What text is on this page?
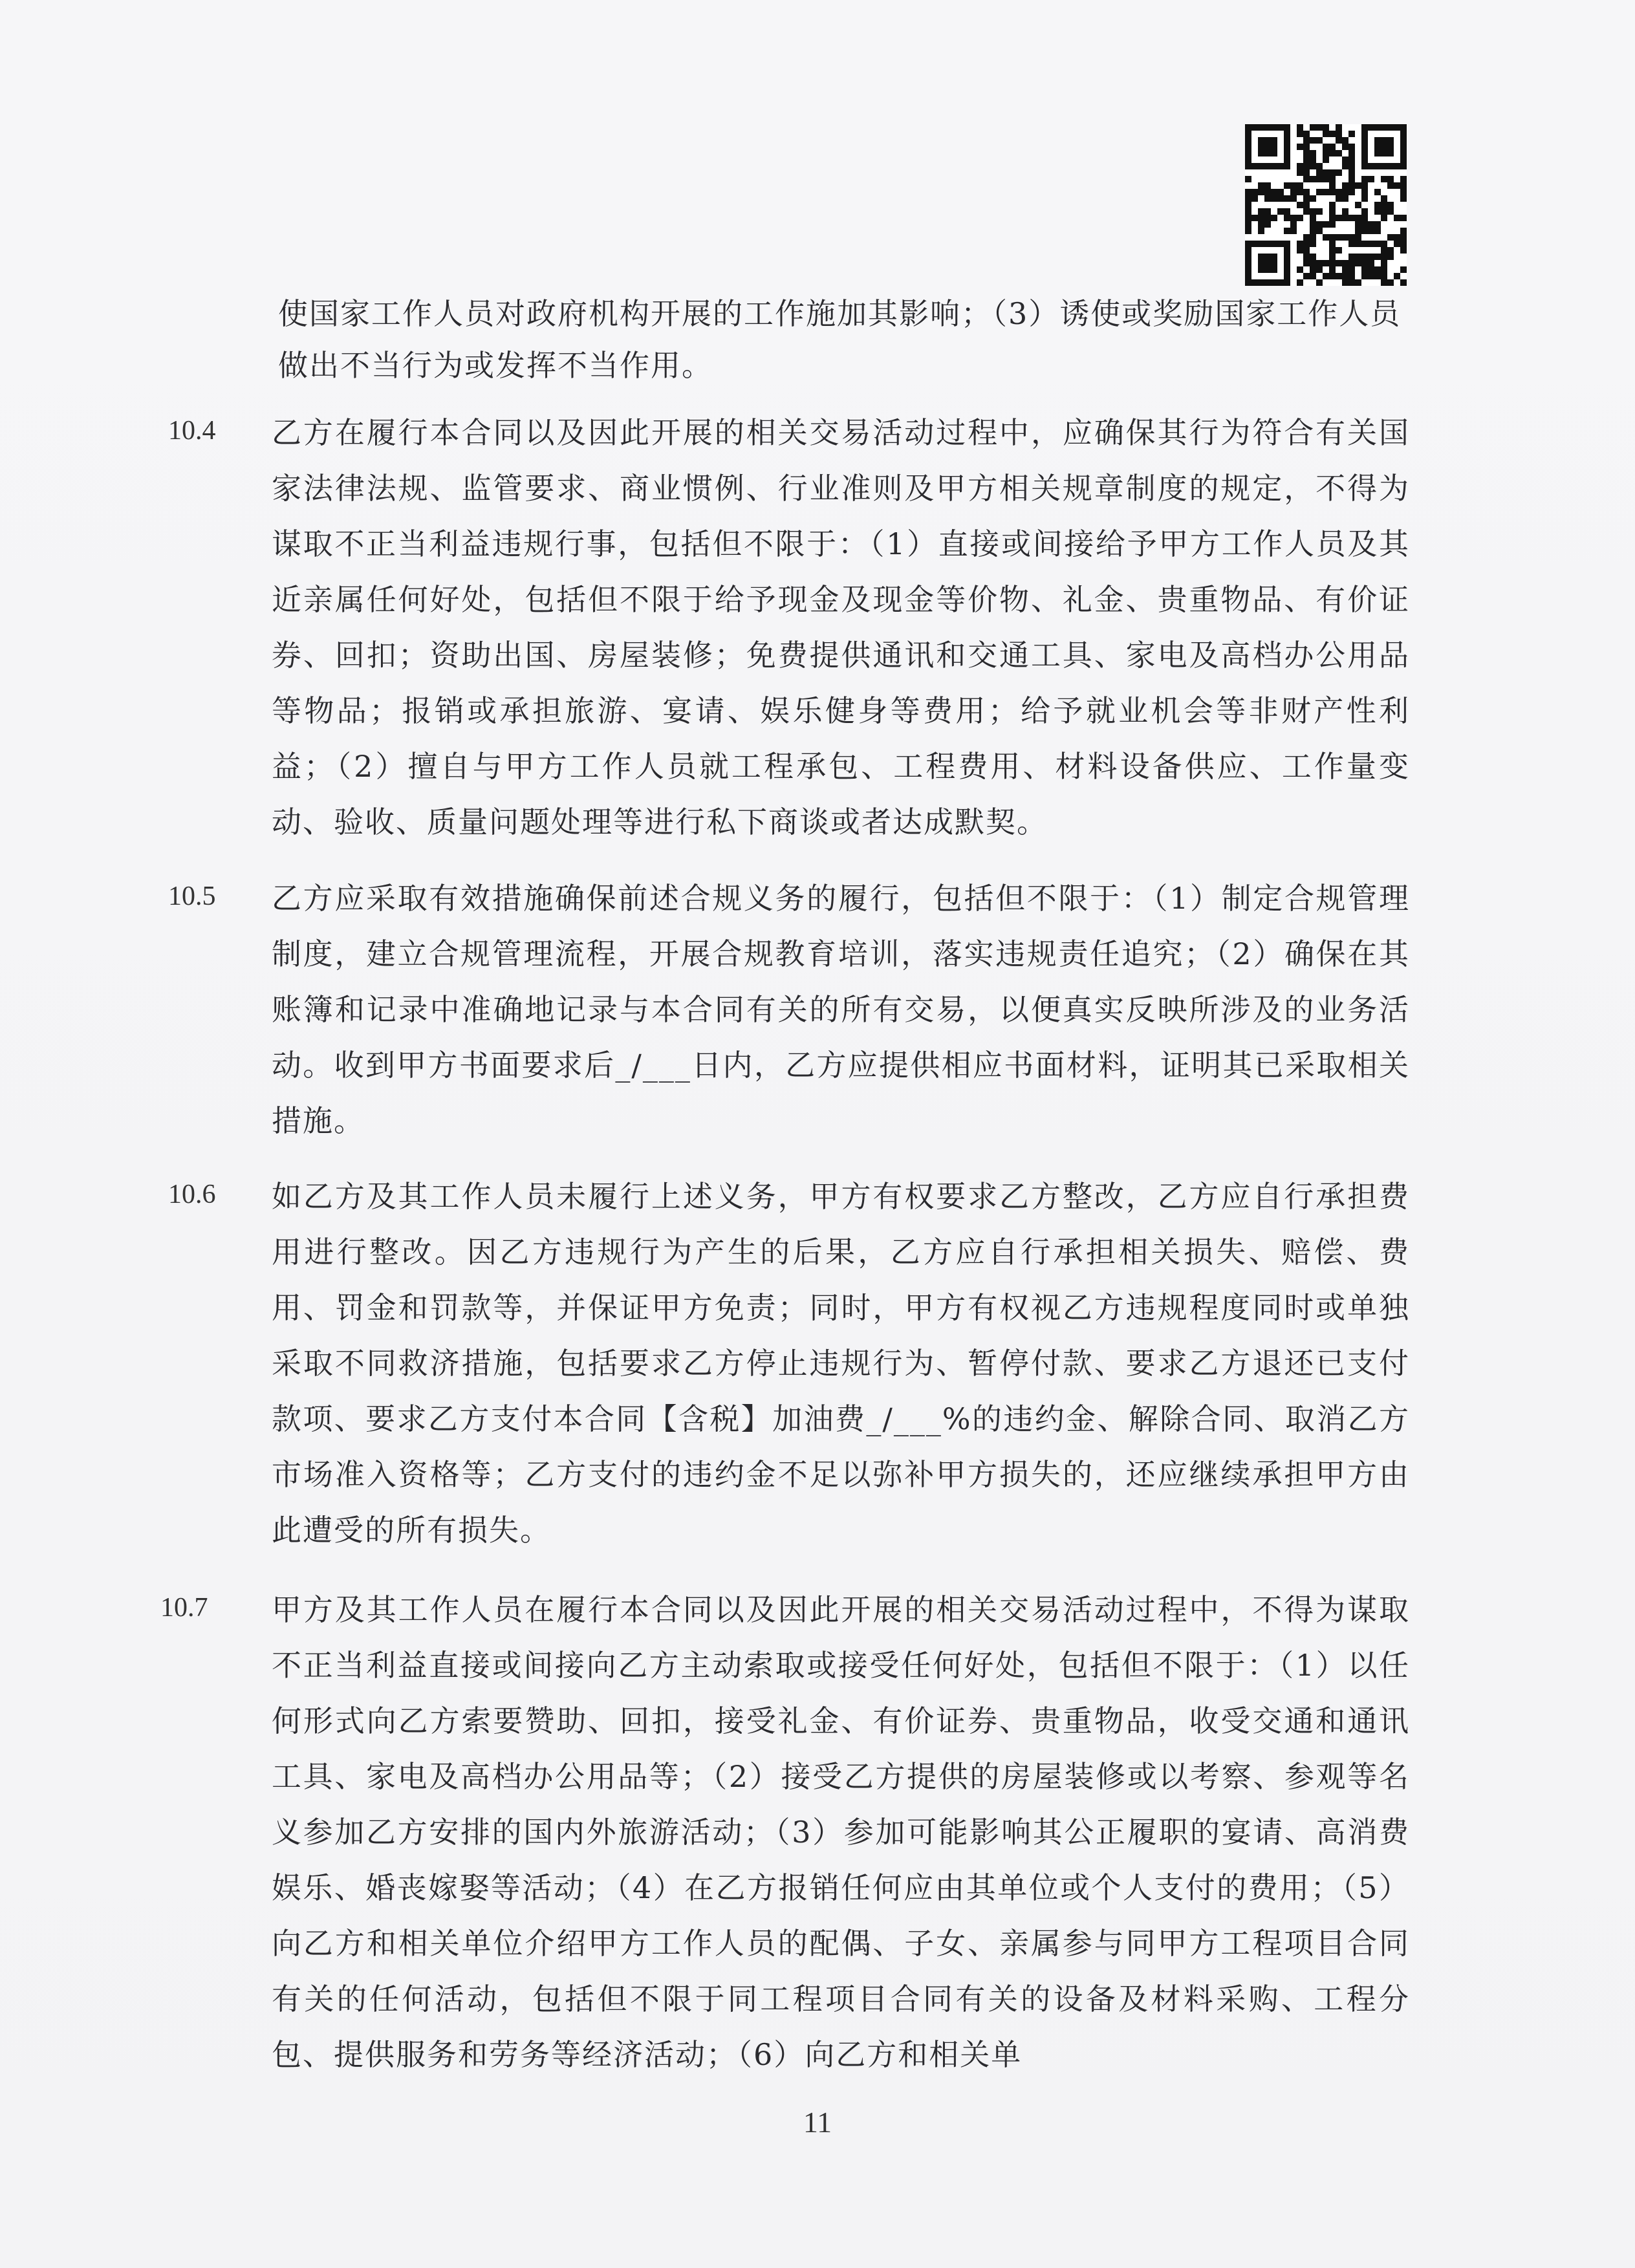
使国家工作人员对政府机构开展的工作施加其影响；（3）诱使或奖励国家工作人员做出不当行为或发挥不当作用。
10.4	乙方在履行本合同以及因此开展的相关交易活动过程中，应确保其行为符合有关国家法律法规、监管要求、商业惯例、行业准则及甲方相关规章制度的规定，不得为谋取不正当利益违规行事，包括但不限于：（1）直接或间接给予甲方工作人员及其近亲属任何好处，包括但不限于给予现金及现金等价物、礼金、贵重物品、有价证券、回扣；资助出国、房屋装修；免费提供通讯和交通工具、家电及高档办公用品等物品；报销或承担旅游、宴请、娱乐健身等费用；给予就业机会等非财产性利益；（2）擅自与甲方工作人员就工程承包、工程费用、材料设备供应、工作量变动、验收、质量问题处理等进行私下商谈或者达成默契。
10.5	乙方应采取有效措施确保前述合规义务的履行，包括但不限于：（1）制定合规管理制度，建立合规管理流程，开展合规教育培训，落实违规责任追究；（2）确保在其账簿和记录中准确地记录与本合同有关的所有交易，以便真实反映所涉及的业务活动。收到甲方书面要求后_/___日内，乙方应提供相应书面材料，证明其已采取相关措施。
10.6	如乙方及其工作人员未履行上述义务，甲方有权要求乙方整改，乙方应自行承担费用进行整改。因乙方违规行为产生的后果，乙方应自行承担相关损失、赔偿、费用、罚金和罚款等，并保证甲方免责；同时，甲方有权视乙方违规程度同时或单独采取不同救济措施，包括要求乙方停止违规行为、暂停付款、要求乙方退还已支付款项、要求乙方支付本合同【含税】加油费_/___%的违约金、解除合同、取消乙方市场准入资格等；乙方支付的违约金不足以弥补甲方损失的，还应继续承担甲方由此遭受的所有损失。
10.7	甲方及其工作人员在履行本合同以及因此开展的相关交易活动过程中，不得为谋取不正当利益直接或间接向乙方主动索取或接受任何好处，包括但不限于：（1）以任何形式向乙方索要赞助、回扣，接受礼金、有价证券、贵重物品，收受交通和通讯工具、家电及高档办公用品等；（2）接受乙方提供的房屋装修或以考察、参观等名义参加乙方安排的国内外旅游活动；（3）参加可能影响其公正履职的宴请、高消费娱乐、婚丧嫁娶等活动；（4）在乙方报销任何应由其单位或个人支付的费用；（5）向乙方和相关单位介绍甲方工作人员的配偶、子女、亲属参与同甲方工程项目合同有关的任何活动，包括但不限于同工程项目合同有关的设备及材料采购、工程分包、提供服务和劳务等经济活动；（6）向乙方和相关单
11
